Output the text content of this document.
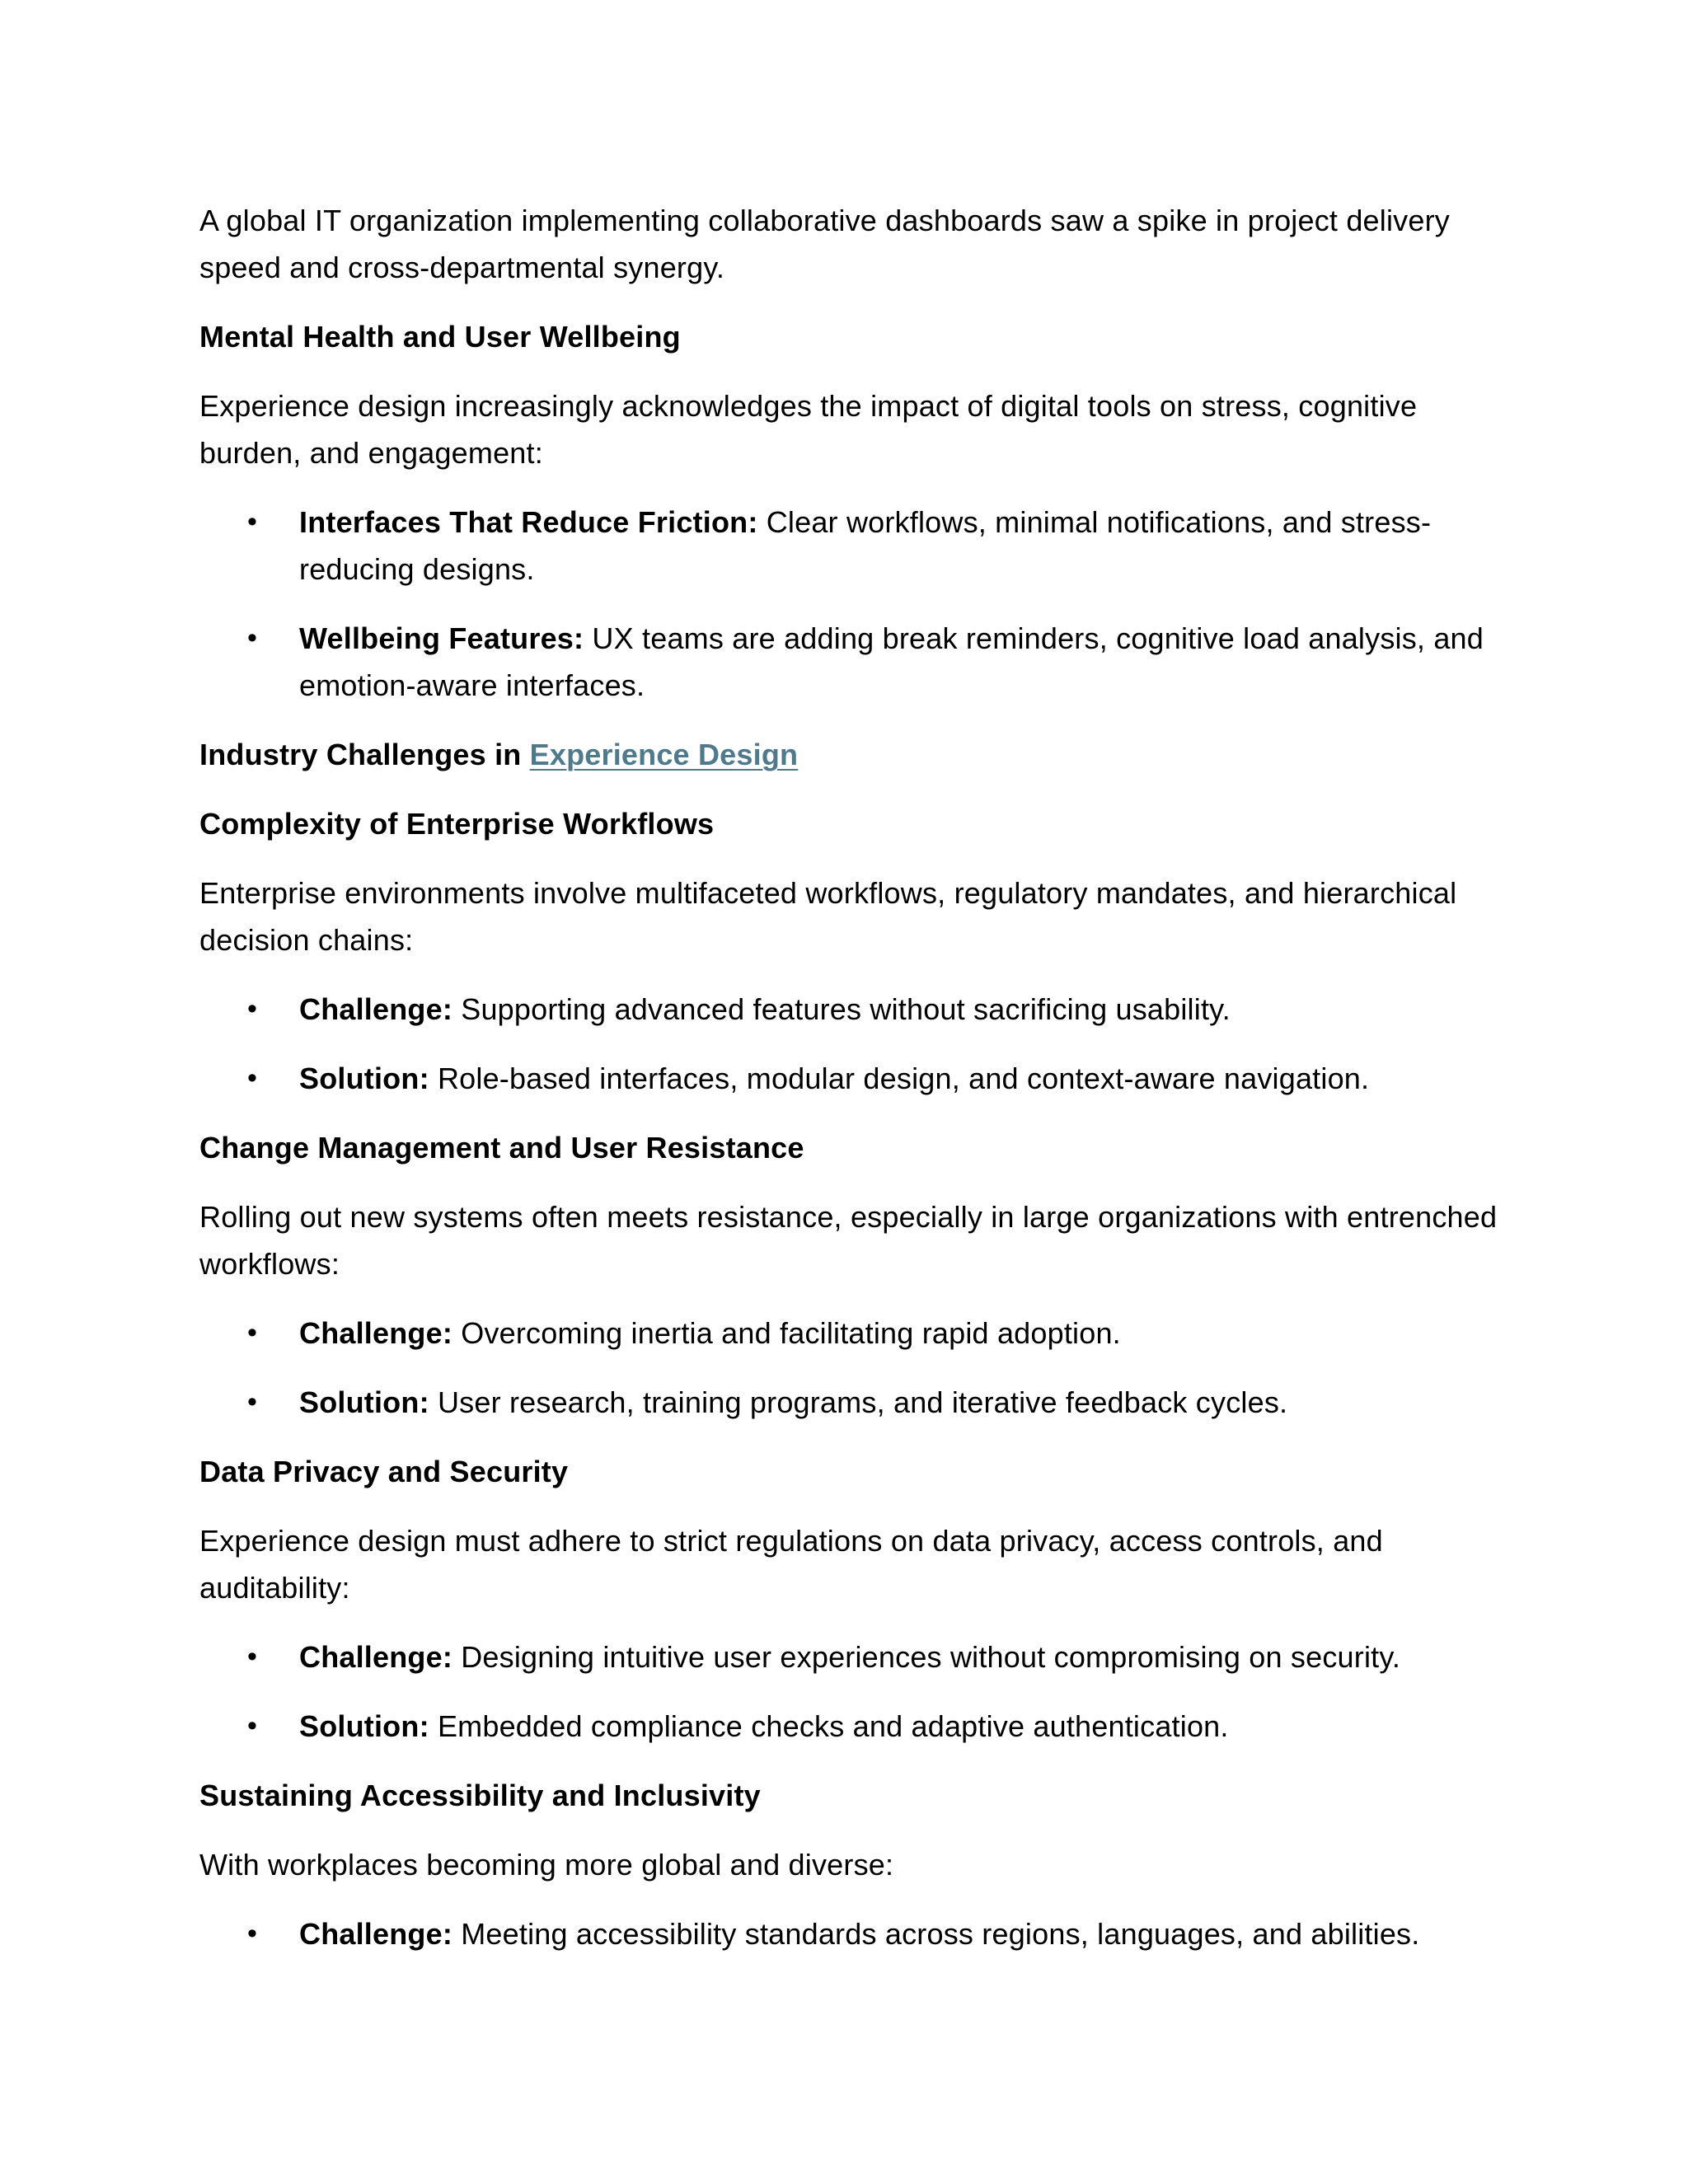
A global IT organization implementing collaborative dashboards saw a spike in project delivery speed and cross-departmental synergy.

Mental Health and User Wellbeing

Experience design increasingly acknowledges the impact of digital tools on stress, cognitive burden, and engagement:

• Interfaces That Reduce Friction: Clear workflows, minimal notifications, and stress-reducing designs.
• Wellbeing Features: UX teams are adding break reminders, cognitive load analysis, and emotion-aware interfaces.

Industry Challenges in Experience Design

Complexity of Enterprise Workflows

Enterprise environments involve multifaceted workflows, regulatory mandates, and hierarchical decision chains:

• Challenge: Supporting advanced features without sacrificing usability.
• Solution: Role-based interfaces, modular design, and context-aware navigation.

Change Management and User Resistance

Rolling out new systems often meets resistance, especially in large organizations with entrenched workflows:

• Challenge: Overcoming inertia and facilitating rapid adoption.
• Solution: User research, training programs, and iterative feedback cycles.

Data Privacy and Security

Experience design must adhere to strict regulations on data privacy, access controls, and auditability:

• Challenge: Designing intuitive user experiences without compromising on security.
• Solution: Embedded compliance checks and adaptive authentication.

Sustaining Accessibility and Inclusivity

With workplaces becoming more global and diverse:

• Challenge: Meeting accessibility standards across regions, languages, and abilities.
